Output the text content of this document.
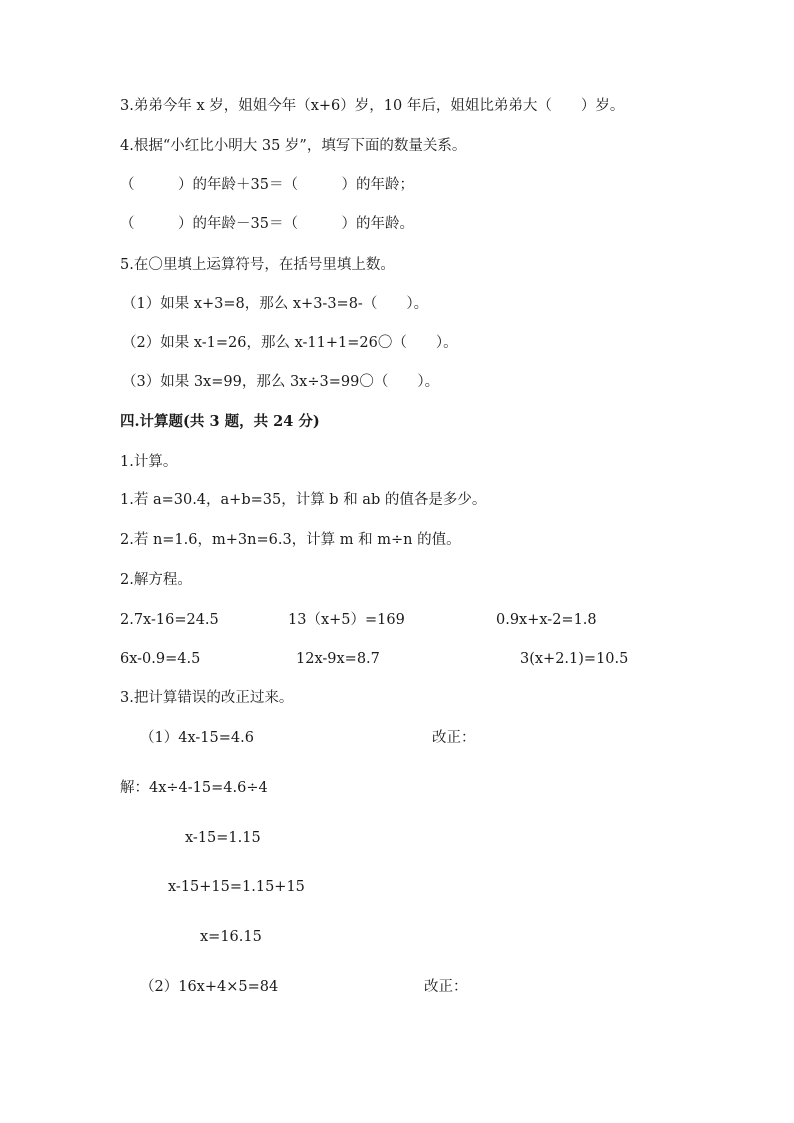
3.弟弟今年 x 岁，姐姐今年（x+6）岁，10 年后，姐姐比弟弟大（　　）岁。
4.根据“小红比小明大 35 岁”，填写下面的数量关系。
（　　　）的年龄＋35＝（　　　）的年龄；
（　　　）的年龄－35＝（　　　）的年龄。
5.在〇里填上运算符号，在括号里填上数。
（1）如果 x+3=8，那么 x+3-3=8-（　　）。
（2）如果 x-1=26，那么 x-11+1=26〇（　　）。
（3）如果 3x=99，那么 3x÷3=99〇（　　）。
四.计算题(共 3 题，共 24 分)
1.计算。
1.若 a=30.4，a+b=35，计算 b 和 ab 的值各是多少。
2.若 n=1.6，m+3n=6.3，计算 m 和 m÷n 的值。
2.解方程。
2.7x-16=24.5	13（x+5）=169	0.9x+x-2=1.8
6x-0.9=4.5	12x-9x=8.7	3(x+2.1)=10.5
3.把计算错误的改正过来。
（1）4x-15=4.6	改正：
解：4x÷4-15=4.6÷4
x-15=1.15
x-15+15=1.15+15
x=16.15
（2）16x+4×5=84	改正：
